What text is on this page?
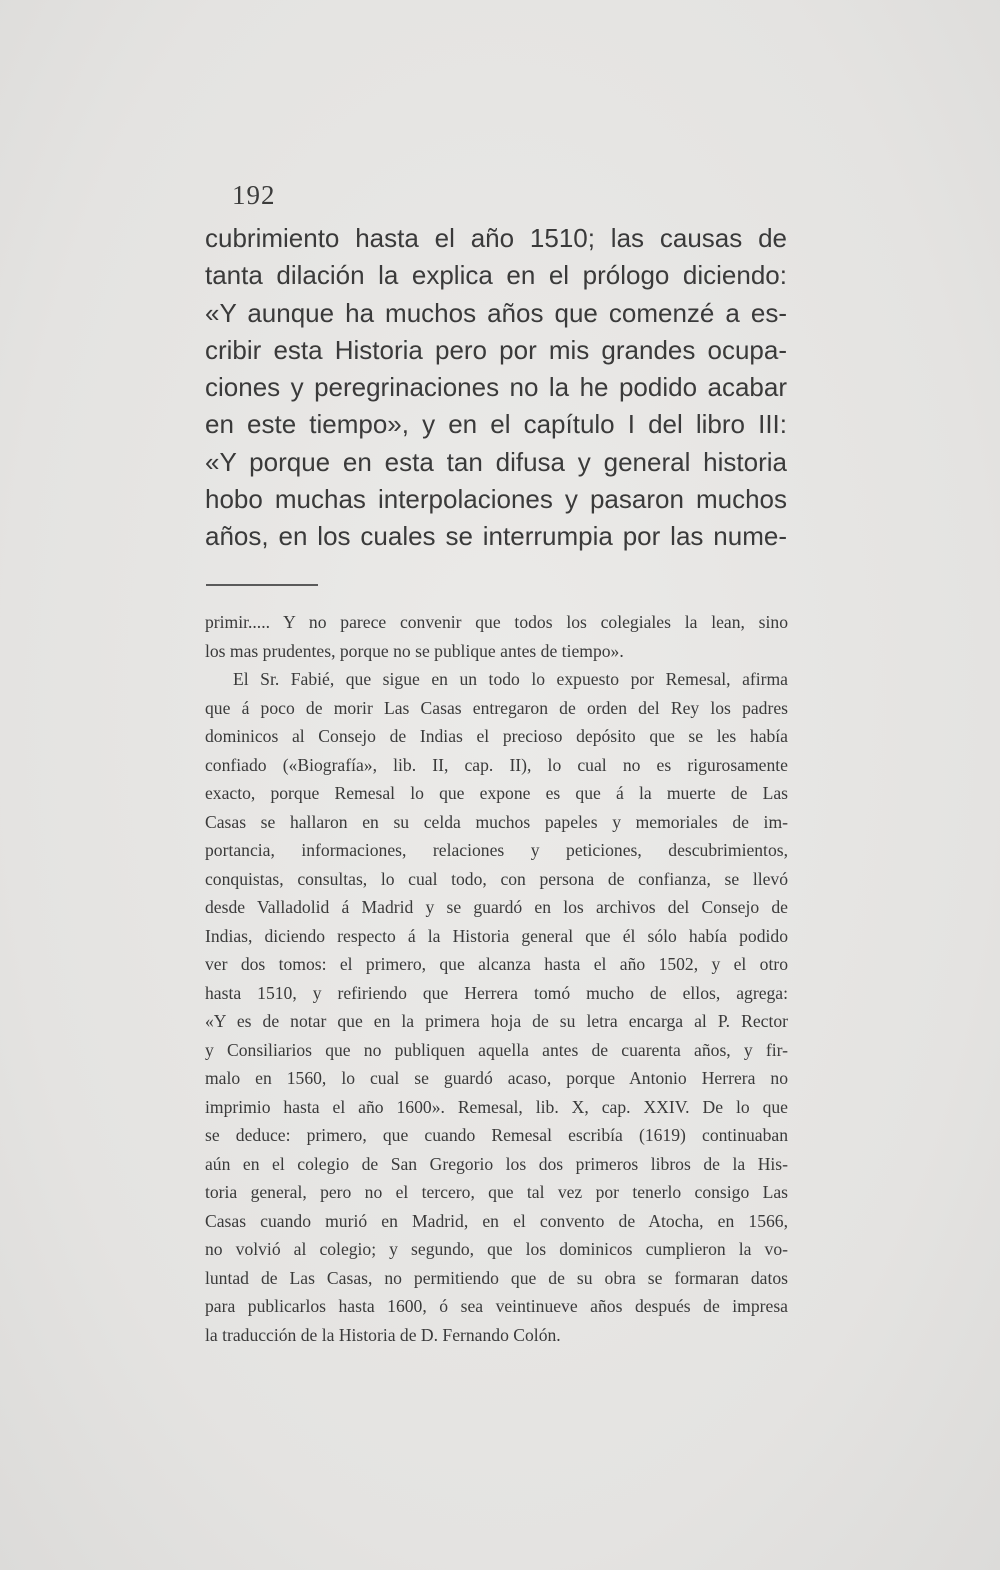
192
cubrimiento hasta el año 1510; las causas de
tanta dilación la explica en el prólogo diciendo:
«Y aunque ha muchos años que comenzé a es-
cribir esta Historia pero por mis grandes ocupa-
ciones y peregrinaciones no la he podido acabar
en este tiempo», y en el capítulo I del libro III:
«Y porque en esta tan difusa y general historia
hobo muchas interpolaciones y pasaron muchos
años, en los cuales se interrumpia por las nume-
primir..... Y no parece convenir que todos los colegiales la lean, sino
los mas prudentes, porque no se publique antes de tiempo».
El Sr. Fabié, que sigue en un todo lo expuesto por Remesal, afirma
que á poco de morir Las Casas entregaron de orden del Rey los padres
dominicos al Consejo de Indias el precioso depósito que se les había
confiado («Biografía», lib. II, cap. II), lo cual no es rigurosamente
exacto, porque Remesal lo que expone es que á la muerte de Las
Casas se hallaron en su celda muchos papeles y memoriales de im-
portancia, informaciones, relaciones y peticiones, descubrimientos,
conquistas, consultas, lo cual todo, con persona de confianza, se llevó
desde Valladolid á Madrid y se guardó en los archivos del Consejo de
Indias, diciendo respecto á la Historia general que él sólo había podido
ver dos tomos: el primero, que alcanza hasta el año 1502, y el otro
hasta 1510, y refiriendo que Herrera tomó mucho de ellos, agrega:
«Y es de notar que en la primera hoja de su letra encarga al P. Rector
y Consiliarios que no publiquen aquella antes de cuarenta años, y fir-
malo en 1560, lo cual se guardó acaso, porque Antonio Herrera no
imprimio hasta el año 1600». Remesal, lib. X, cap. XXIV. De lo que
se deduce: primero, que cuando Remesal escribía (1619) continuaban
aún en el colegio de San Gregorio los dos primeros libros de la His-
toria general, pero no el tercero, que tal vez por tenerlo consigo Las
Casas cuando murió en Madrid, en el convento de Atocha, en 1566,
no volvió al colegio; y segundo, que los dominicos cumplieron la vo-
luntad de Las Casas, no permitiendo que de su obra se formaran datos
para publicarlos hasta 1600, ó sea veintinueve años después de impresa
la traducción de la Historia de D. Fernando Colón.
